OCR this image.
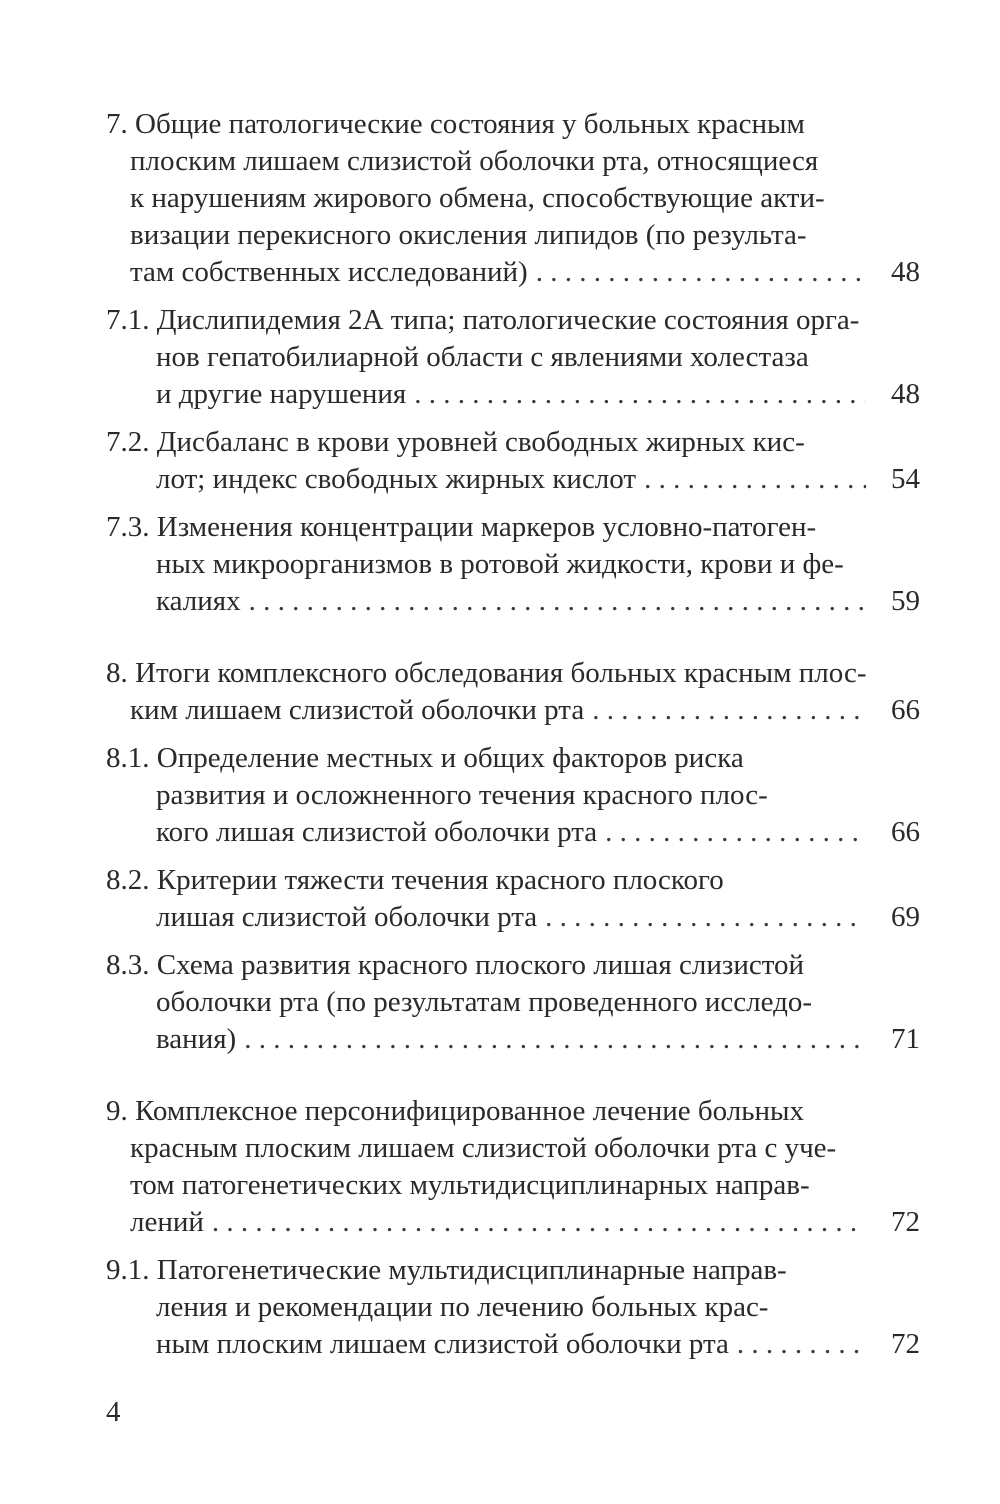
7. Общие патологические состояния у больных красным
плоским лишаем слизистой оболочки рта, относящиеся
к нарушениям жирового обмена, способствующие акти-
визации перекисного окисления липидов (по результа-
там собственных исследований) . . .	48
7.1. Дислипидемия 2А типа; патологические состояния орга-
нов гепатобилиарной области с явлениями холестаза
и другие нарушения . . .	48
7.2. Дисбаланс в крови уровней свободных жирных кис-
лот; индекс свободных жирных кислот . . .	54
7.3. Изменения концентрации маркеров условно-патоген-
ных микроорганизмов в ротовой жидкости, крови и фе-
калиях . . .	59
8. Итоги комплексного обследования больных красным плос-
ким лишаем слизистой оболочки рта . . .	66
8.1. Определение местных и общих факторов риска
развития и осложненного течения красного плос-
кого лишая слизистой оболочки рта . . .	66
8.2. Критерии тяжести течения красного плоского
лишая слизистой оболочки рта . . .	69
8.3. Схема развития красного плоского лишая слизистой
оболочки рта (по результатам проведенного исследо-
вания) . . .	71
9. Комплексное персонифицированное лечение больных
красным плоским лишаем слизистой оболочки рта с уче-
том патогенетических мультидисциплинарных направ-
лений . . .	72
9.1. Патогенетические мультидисциплинарные направ-
ления и рекомендации по лечению больных крас-
ным плоским лишаем слизистой оболочки рта . . .	72
4
